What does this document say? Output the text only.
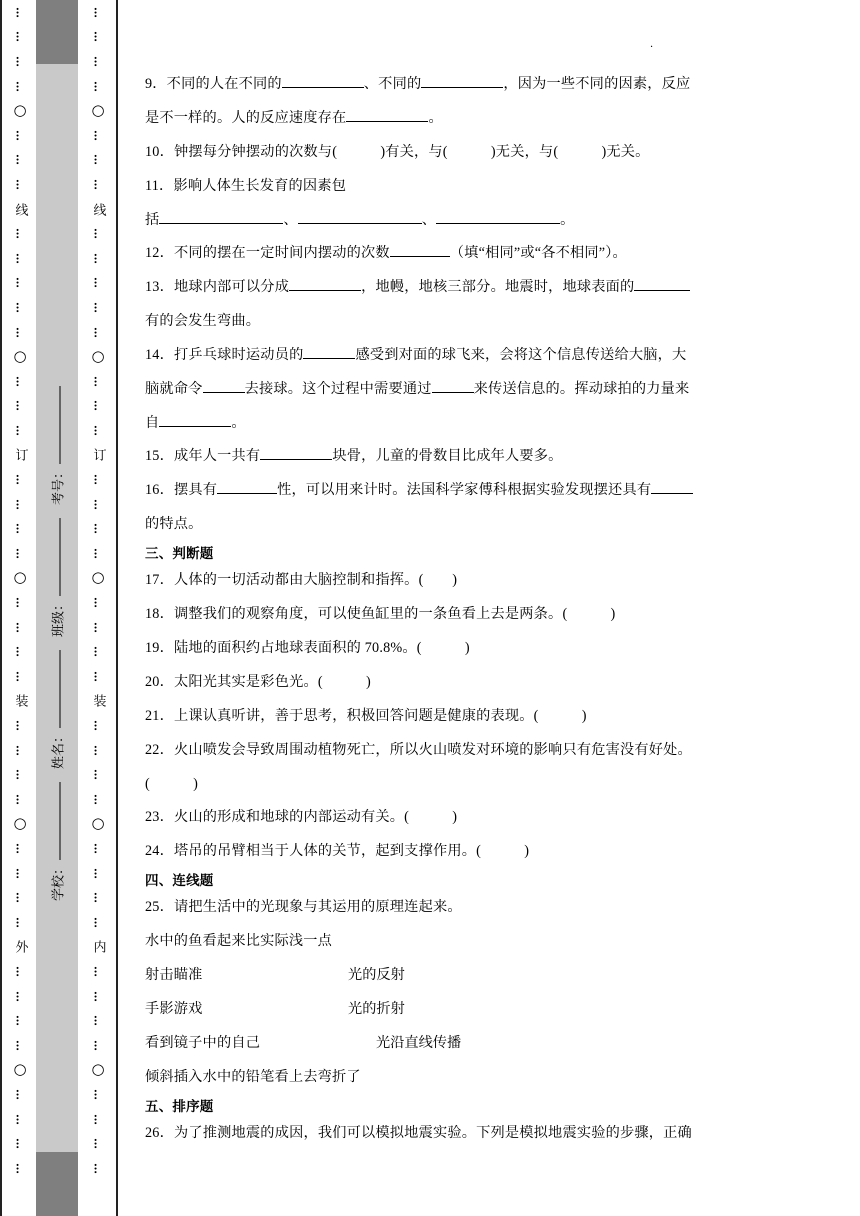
…
…
…
…
○
…
…
…
线
…
…
…
…
…
○
…
…
…
订
…
…
…
…
○
…
…
…
…
装
…
…
…
…
○
…
…
…
…
外
…
…
…
…
○
…
…
…
…
…
…
…
…
○
…
…
…
线
…
…
…
…
…
○
…
…
…
订
…
…
…
…
○
…
…
…
…
装
…
…
…
…
○
…
…
…
…
内
…
…
…
…
○
…
…
…
…
学校：
姓名：
班级：
考号：
·
9．不同的人在不同的	、不同的	，因为一些不同的因素，反应
是不一样的。人的反应速度存在	。
10．钟摆每分钟摆动的次数与(　　　)有关，与(　　　)无关，与(　　　)无关。
11．影响人体生长发育的因素包
括	、	、	。
12．不同的摆在一定时间内摆动的次数	（填“相同”或“各不相同”）。
13．地球内部可以分成	，地幔，地核三部分。地震时，地球表面的
有的会发生弯曲。
14．打乒乓球时运动员的	感受到对面的球飞来，会将这个信息传送给大脑，大
脑就命令	去接球。这个过程中需要通过	来传送信息的。挥动球拍的力量来
自	。
15．成年人一共有	块骨，儿童的骨数目比成年人要多。
16．摆具有	性，可以用来计时。法国科学家傅科根据实验发现摆还具有
的特点。
三、判断题
17．人体的一切活动都由大脑控制和指挥。(　　)
18．调整我们的观察角度，可以使鱼缸里的一条鱼看上去是两条。(　　　)
19．陆地的面积约占地球表面积的 70.8%。(　　　)
20．太阳光其实是彩色光。(　　　)
21．上课认真听讲，善于思考，积极回答问题是健康的表现。(　　　)
22．火山喷发会导致周围动植物死亡，所以火山喷发对环境的影响只有危害没有好处。
(　　　)
23．火山的形成和地球的内部运动有关。(　　　)
24．塔吊的吊臂相当于人体的关节，起到支撑作用。(　　　)
四、连线题
25．请把生活中的光现象与其运用的原理连起来。
水中的鱼看起来比实际浅一点
射击瞄准	光的反射
手影游戏	光的折射
看到镜子中的自己	光沿直线传播
倾斜插入水中的铅笔看上去弯折了
五、排序题
26．为了推测地震的成因，我们可以模拟地震实验。下列是模拟地震实验的步骤，正确
